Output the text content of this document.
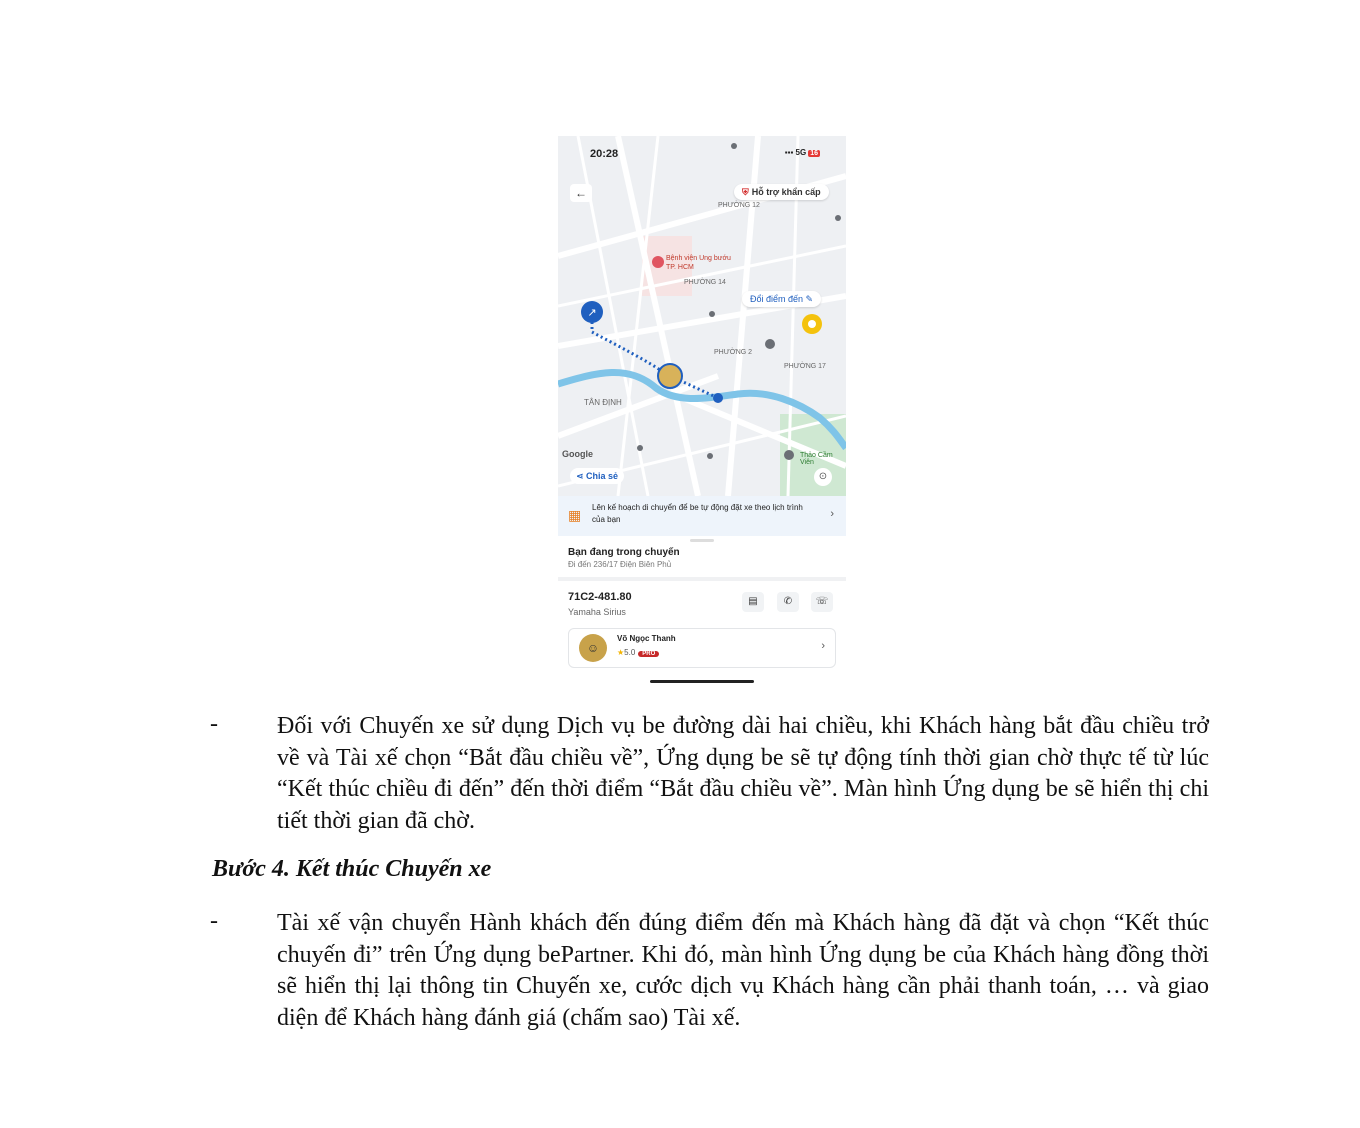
↗
20:28	▪▪▪ 5G 16
←	⛨ Hỗ trợ khẩn cấp
PHƯỜNG 12
Bệnh viện Ung bướu TP. HCM
PHƯỜNG 14
PHƯỜNG 2
PHƯỜNG 17
TÂN ĐỊNH
Thảo Cầm Viên
Đổi điểm đến ✎
Google
⋖ Chia sẻ	⊙
▦ Lên kế hoạch di chuyển để be tự động đặt xe theo lịch trình của bạn	›
Bạn đang trong chuyến
Đi đến 236/17 Điện Biên Phủ
71C2-481.80
Yamaha Sirius
▤	✆	☏
☺
Võ Ngọc Thanh
★5.0 PRO
›
- Đối với Chuyến xe sử dụng Dịch vụ be đường dài hai chiều, khi Khách hàng bắt đầu chiều trở về và Tài xế chọn “Bắt đầu chiều về”, Ứng dụng be sẽ tự động tính thời gian chờ thực tế từ lúc “Kết thúc chiều đi đến” đến thời điểm “Bắt đầu chiều về”. Màn hình Ứng dụng be sẽ hiển thị chi tiết thời gian đã chờ.
Bước 4. Kết thúc Chuyến xe
- Tài xế vận chuyển Hành khách đến đúng điểm đến mà Khách hàng đã đặt và chọn “Kết thúc chuyến đi” trên Ứng dụng bePartner. Khi đó, màn hình Ứng dụng be của Khách hàng đồng thời sẽ hiển thị lại thông tin Chuyến xe, cước dịch vụ Khách hàng cần phải thanh toán, … và giao diện để Khách hàng đánh giá (chấm sao) Tài xế.
